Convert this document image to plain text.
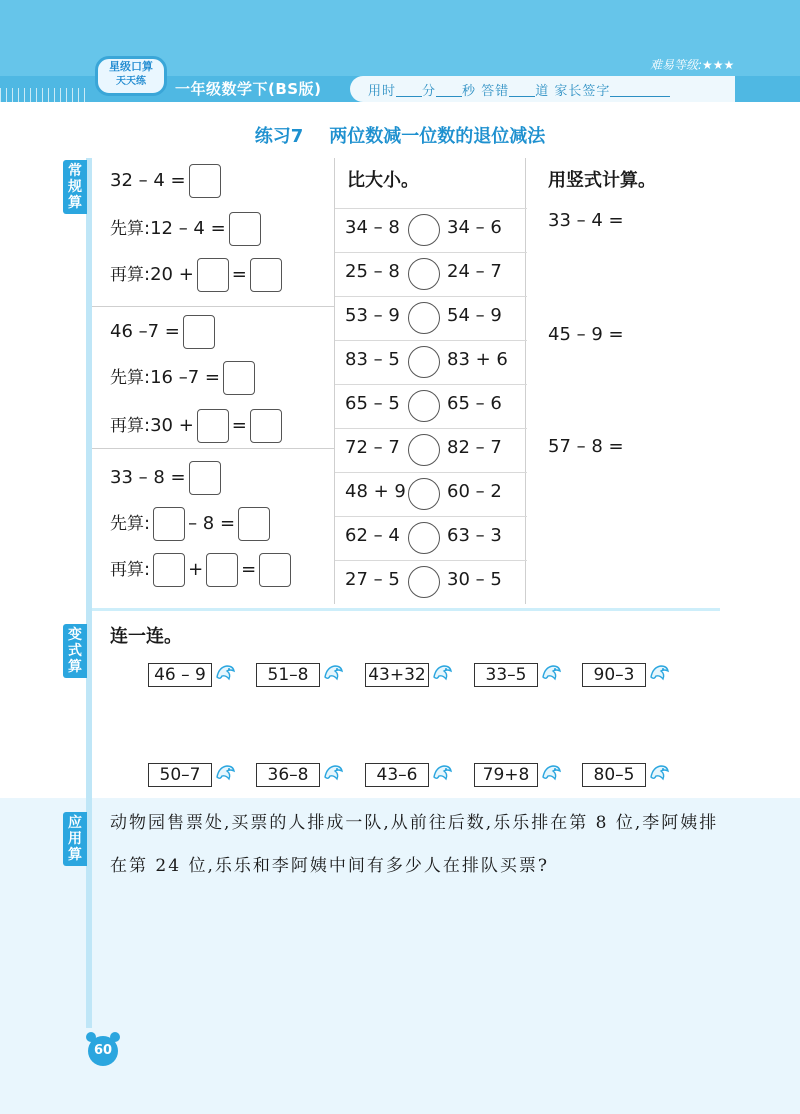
星级口算
天天练	一年级数学下(BS版)	用时 分 秒 答错 道 家长签字
难易等级:★★★
练习7 两位数减一位数的退位减法
常
规
算
变
式
算
32 – 4 =
先算:12 – 4 =
再算:20 + =
46 –7 =
先算:16 –7 =
再算:30 + =
33 – 8 =
先算: – 8 =
再算: + =
比大小。
34 – 8	34 – 6
25 – 8	24 – 7
53 – 9	54 – 9
83 – 5	83 + 6
65 – 5	65 – 6
72 – 7	82 – 7
48 + 9 60 – 2
62 – 4	63 – 3
27 – 5	30 – 5
用竖式计算。
33 – 4 =
45 – 9 =
57 – 8 =
连一连。
46 – 9	51–8	43+32	33–5	90–3
50–7	36–8	43–6	79+8	80–5
应
用
算
动物园售票处,买票的人排成一队,从前往后数,乐乐排在第 8 位,李阿姨排在第 24 位,乐乐和李阿姨中间有多少人在排队买票?
60
